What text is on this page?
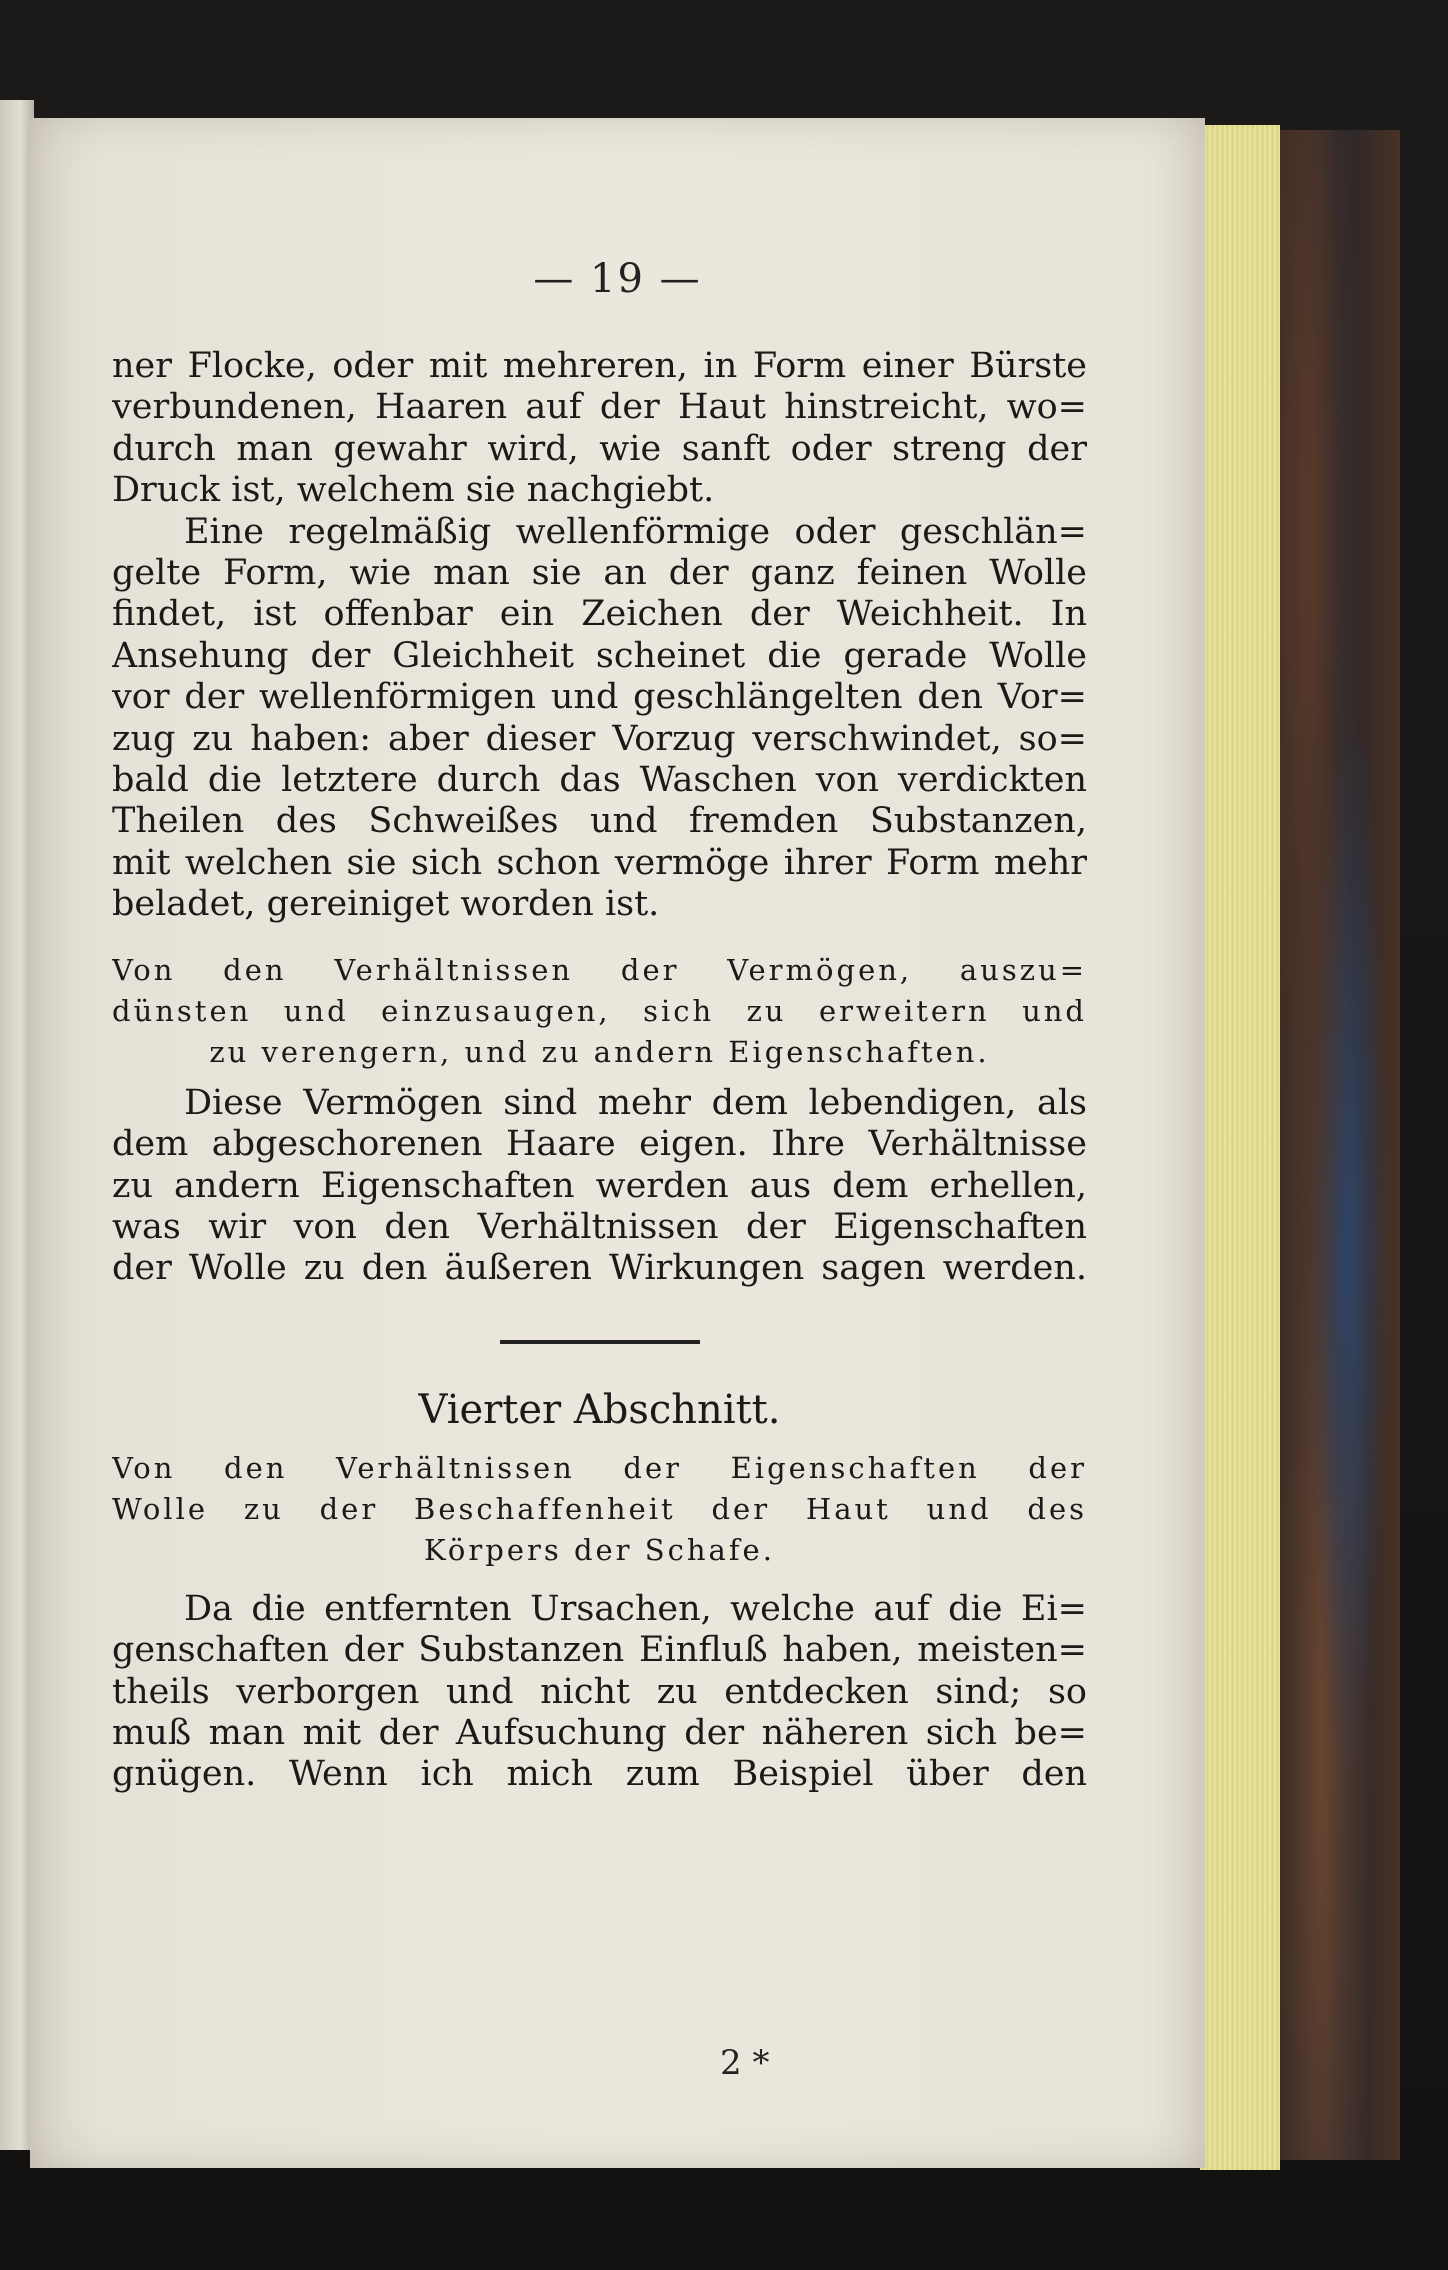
— 19 —
ner Flocke, oder mit mehreren, in Form einer Bürste
verbundenen, Haaren auf der Haut hinstreicht, wo=
durch man gewahr wird, wie sanft oder streng der
Druck ist, welchem sie nachgiebt.
Eine regelmäßig wellenförmige oder geschlän=
gelte Form, wie man sie an der ganz feinen Wolle
findet, ist offenbar ein Zeichen der Weichheit. In
Ansehung der Gleichheit scheinet die gerade Wolle
vor der wellenförmigen und geschlängelten den Vor=
zug zu haben: aber dieser Vorzug verschwindet, so=
bald die letztere durch das Waschen von verdickten
Theilen des Schweißes und fremden Substanzen,
mit welchen sie sich schon vermöge ihrer Form mehr
beladet, gereiniget worden ist.
Von den Verhältnissen der Vermögen, auszu=
dünsten und einzusaugen, sich zu erweitern und
zu verengern, und zu andern Eigenschaften.
Diese Vermögen sind mehr dem lebendigen, als
dem abgeschorenen Haare eigen. Ihre Verhältnisse
zu andern Eigenschaften werden aus dem erhellen,
was wir von den Verhältnissen der Eigenschaften
der Wolle zu den äußeren Wirkungen sagen werden.
Vierter Abschnitt.
Von den Verhältnissen der Eigenschaften der
Wolle zu der Beschaffenheit der Haut und des
Körpers der Schafe.
Da die entfernten Ursachen, welche auf die Ei=
genschaften der Substanzen Einfluß haben, meisten=
theils verborgen und nicht zu entdecken sind; so
muß man mit der Aufsuchung der näheren sich be=
gnügen. Wenn ich mich zum Beispiel über den
2 *
